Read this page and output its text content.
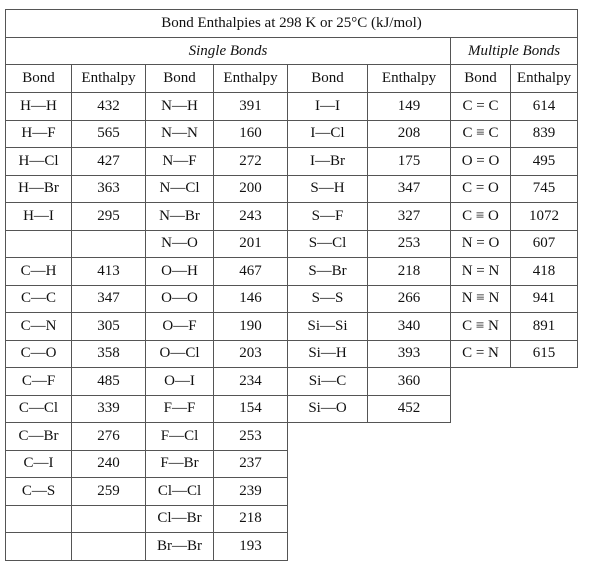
Bond Enthalpies at 298 K or 25°C (kJ/mol)							
Single Bonds						Multiple Bonds	
Bond	Enthalpy	Bond	Enthalpy	Bond	Enthalpy	Bond	Enthalpy
H—H	432	N—H	391	I—I	149	C = C	614
H—F	565	N—N	160	I—Cl	208	C ≡ C	839
H—Cl	427	N—F	272	I—Br	175	O = O	495
H—Br	363	N—Cl	200	S—H	347	C = O	745
H—I	295	N—Br	243	S—F	327	C ≡ O	1072
		N—O	201	S—Cl	253	N = O	607
C—H	413	O—H	467	S—Br	218	N = N	418
C—C	347	O—O	146	S—S	266	N ≡ N	941
C—N	305	O—F	190	Si—Si	340	C ≡ N	891
C—O	358	O—Cl	203	Si—H	393	C = N	615
C—F	485	O—I	234	Si—C	360		
C—Cl	339	F—F	154	Si—O	452		
C—Br	276	F—Cl	253				
C—I	240	F—Br	237				
C—S	259	Cl—Cl	239				
		Cl—Br	218				
		Br—Br	193				
